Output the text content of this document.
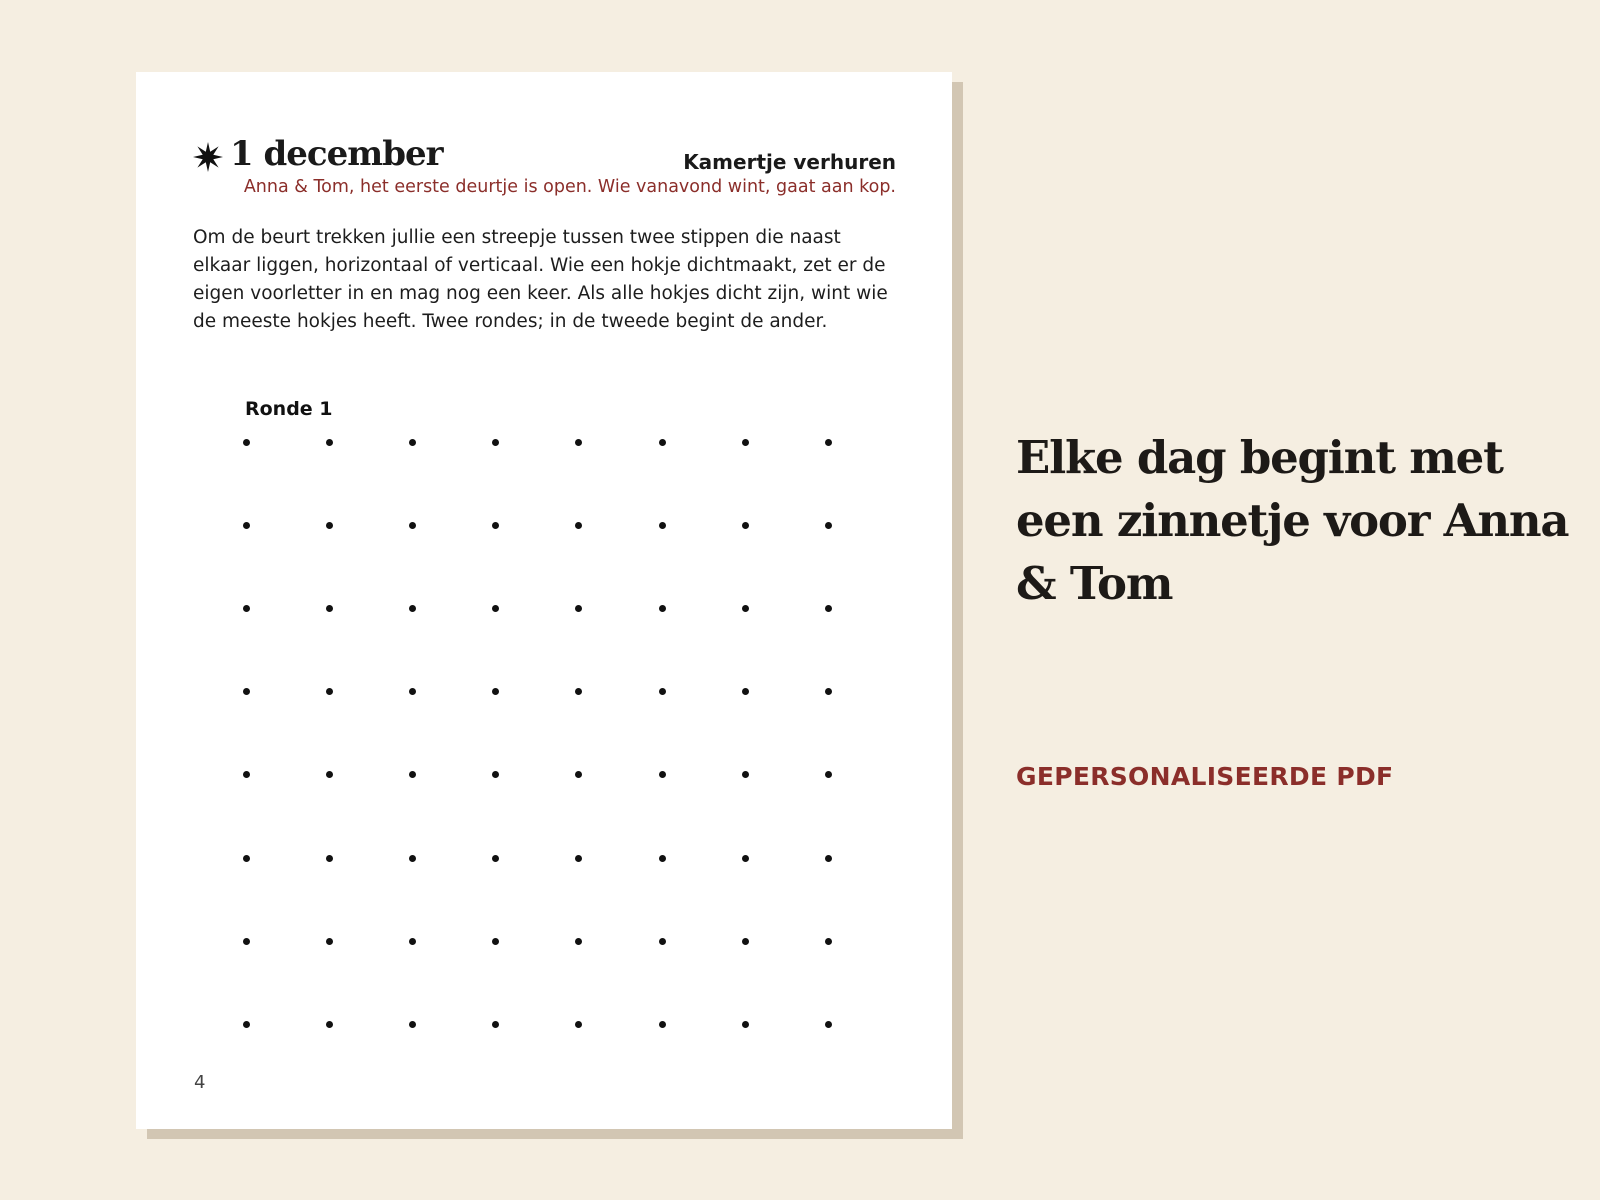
1 december	Kamertje verhuren
Anna & Tom, het eerste deurtje is open. Wie vanavond wint, gaat aan kop.
Om de beurt trekken jullie een streepje tussen twee stippen die naast elkaar liggen, horizontaal of verticaal. Wie een hokje dichtmaakt, zet er de eigen voorletter in en mag nog een keer. Als alle hokjes dicht zijn, wint wie de meeste hokjes heeft. Twee rondes; in de tweede begint de ander.
Ronde 1
4
Elke dag begint met een zinnetje voor Anna & Tom
GEPERSONALISEERDE PDF
